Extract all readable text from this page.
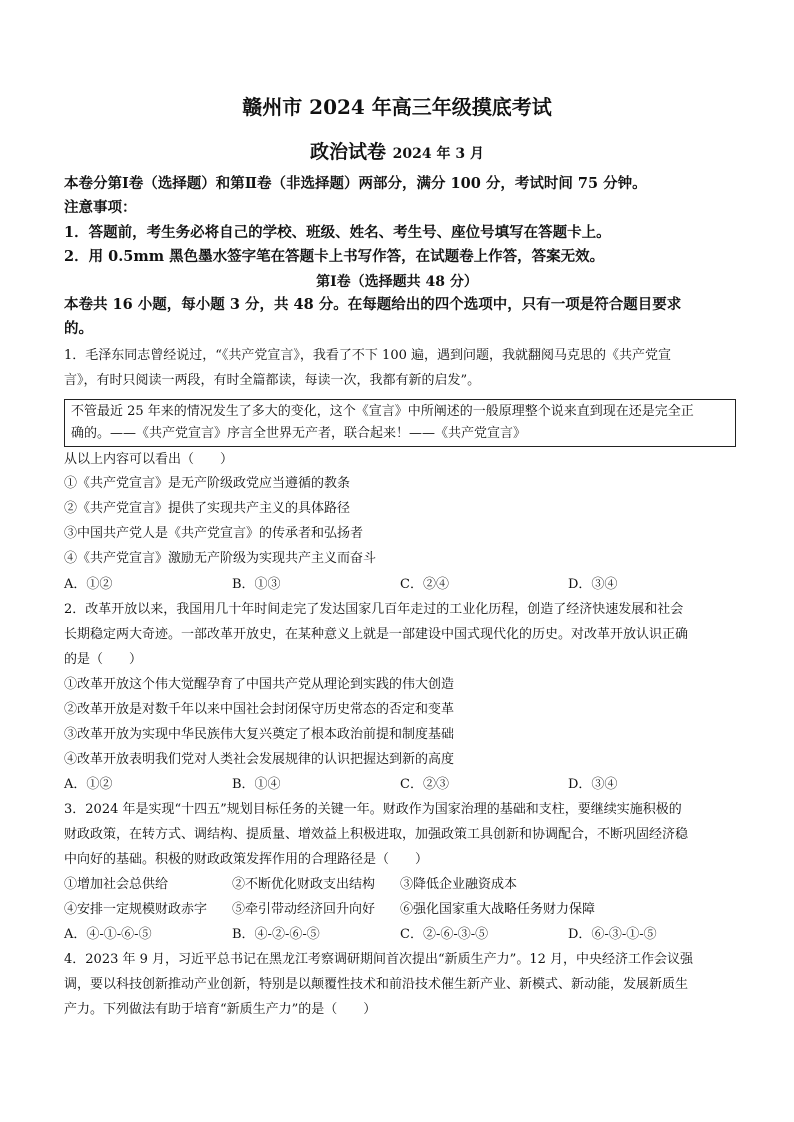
赣州市 2024 年高三年级摸底考试
政治试卷 2024 年 3 月
本卷分第Ⅰ卷（选择题）和第Ⅱ卷（非选择题）两部分，满分 100 分，考试时间 75 分钟。
注意事项：
1．答题前，考生务必将自己的学校、班级、姓名、考生号、座位号填写在答题卡上。
2．用 0.5mm 黑色墨水签字笔在答题卡上书写作答，在试题卷上作答，答案无效。
第Ⅰ卷（选择题共 48 分）
本卷共 16 小题，每小题 3 分，共 48 分。在每题给出的四个选项中，只有一项是符合题目要求
的。
1．毛泽东同志曾经说过，“《共产党宣言》，我看了不下 100 遍，遇到问题，我就翻阅马克思的《共产党宣
言》，有时只阅读一两段，有时全篇都读，每读一次，我都有新的启发”。
不管最近 25 年来的情况发生了多大的变化，这个《宣言》中所阐述的一般原理整个说来直到现在还是完全正
确的。——《共产党宣言》序言全世界无产者，联合起来！——《共产党宣言》
从以上内容可以看出（　　）
①《共产党宣言》是无产阶级政党应当遵循的教条
②《共产党宣言》提供了实现共产主义的具体路径
③中国共产党人是《共产党宣言》的传承者和弘扬者
④《共产党宣言》激励无产阶级为实现共产主义而奋斗
A．①②	B．①③	C．②④	D．③④
2．改革开放以来，我国用几十年时间走完了发达国家几百年走过的工业化历程，创造了经济快速发展和社会
长期稳定两大奇迹。一部改革开放史，在某种意义上就是一部建设中国式现代化的历史。对改革开放认识正确
的是（　　）
①改革开放这个伟大觉醒孕育了中国共产党从理论到实践的伟大创造
②改革开放是对数千年以来中国社会封闭保守历史常态的否定和变革
③改革开放为实现中华民族伟大复兴奠定了根本政治前提和制度基础
④改革开放表明我们党对人类社会发展规律的认识把握达到新的高度
A．①②	B．①④	C．②③	D．③④
3．2024 年是实现“十四五”规划目标任务的关键一年。财政作为国家治理的基础和支柱，要继续实施积极的
财政政策，在转方式、调结构、提质量、增效益上积极进取，加强政策工具创新和协调配合，不断巩固经济稳
中向好的基础。积极的财政政策发挥作用的合理路径是（　　）
①增加社会总供给	②不断优化财政支出结构 ③降低企业融资成本
④安排一定规模财政赤字 ⑤牵引带动经济回升向好 ⑥强化国家重大战略任务财力保障
A．④-①-⑥-⑤	B．④-②-⑥-⑤	C．②-⑥-③-⑤	D．⑥-③-①-⑤
4．2023 年 9 月，习近平总书记在黑龙江考察调研期间首次提出“新质生产力”。12 月，中央经济工作会议强
调，要以科技创新推动产业创新，特别是以颠覆性技术和前沿技术催生新产业、新模式、新动能，发展新质生
产力。下列做法有助于培育“新质生产力”的是（　　）
